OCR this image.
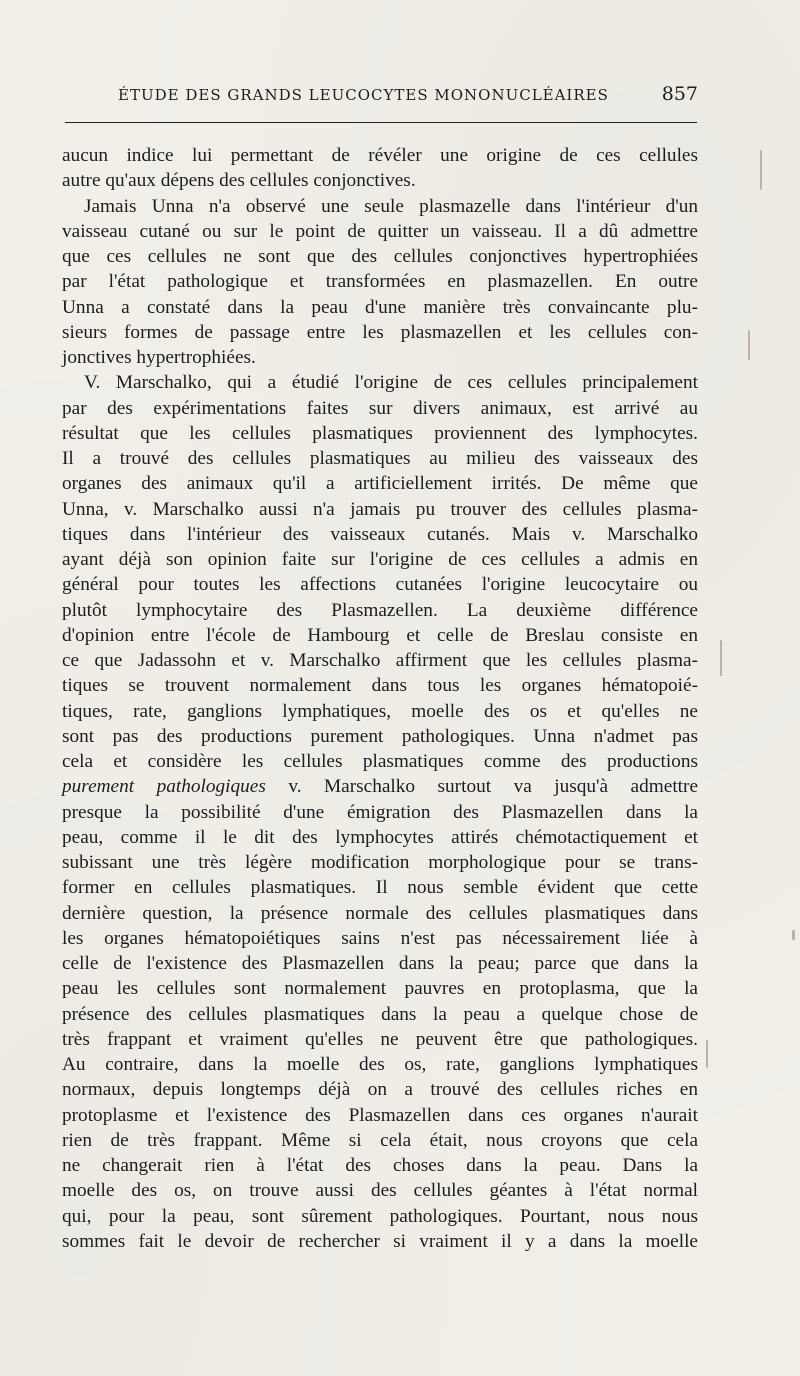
ÉTUDE DES GRANDS LEUCOCYTES MONONUCLÉAIRES	857
aucun indice lui permettant de révéler une origine de ces cellules
autre qu'aux dépens des cellules conjonctives.
Jamais Unna n'a observé une seule plasmazelle dans l'intérieur d'un
vaisseau cutané ou sur le point de quitter un vaisseau. Il a dû admettre
que ces cellules ne sont que des cellules conjonctives hypertrophiées
par l'état pathologique et transformées en plasmazellen. En outre
Unna a constaté dans la peau d'une manière très convaincante plu-
sieurs formes de passage entre les plasmazellen et les cellules con-
jonctives hypertrophiées.
V. Marschalko, qui a étudié l'origine de ces cellules principalement
par des expérimentations faites sur divers animaux, est arrivé au
résultat que les cellules plasmatiques proviennent des lymphocytes.
Il a trouvé des cellules plasmatiques au milieu des vaisseaux des
organes des animaux qu'il a artificiellement irrités. De même que
Unna, v. Marschalko aussi n'a jamais pu trouver des cellules plasma-
tiques dans l'intérieur des vaisseaux cutanés. Mais v. Marschalko
ayant déjà son opinion faite sur l'origine de ces cellules a admis en
général pour toutes les affections cutanées l'origine leucocytaire ou
plutôt lymphocytaire des Plasmazellen. La deuxième différence
d'opinion entre l'école de Hambourg et celle de Breslau consiste en
ce que Jadassohn et v. Marschalko affirment que les cellules plasma-
tiques se trouvent normalement dans tous les organes hématopoié-
tiques, rate, ganglions lymphatiques, moelle des os et qu'elles ne
sont pas des productions purement pathologiques. Unna n'admet pas
cela et considère les cellules plasmatiques comme des productions
purement pathologiques v. Marschalko surtout va jusqu'à admettre
presque la possibilité d'une émigration des Plasmazellen dans la
peau, comme il le dit des lymphocytes attirés chémotactiquement et
subissant une très légère modification morphologique pour se trans-
former en cellules plasmatiques. Il nous semble évident que cette
dernière question, la présence normale des cellules plasmatiques dans
les organes hématopoiétiques sains n'est pas nécessairement liée à
celle de l'existence des Plasmazellen dans la peau; parce que dans la
peau les cellules sont normalement pauvres en protoplasma, que la
présence des cellules plasmatiques dans la peau a quelque chose de
très frappant et vraiment qu'elles ne peuvent être que pathologiques.
Au contraire, dans la moelle des os, rate, ganglions lymphatiques
normaux, depuis longtemps déjà on a trouvé des cellules riches en
protoplasme et l'existence des Plasmazellen dans ces organes n'aurait
rien de très frappant. Même si cela était, nous croyons que cela
ne changerait rien à l'état des choses dans la peau. Dans la
moelle des os, on trouve aussi des cellules géantes à l'état normal
qui, pour la peau, sont sûrement pathologiques. Pourtant, nous nous
sommes fait le devoir de rechercher si vraiment il y a dans la moelle
